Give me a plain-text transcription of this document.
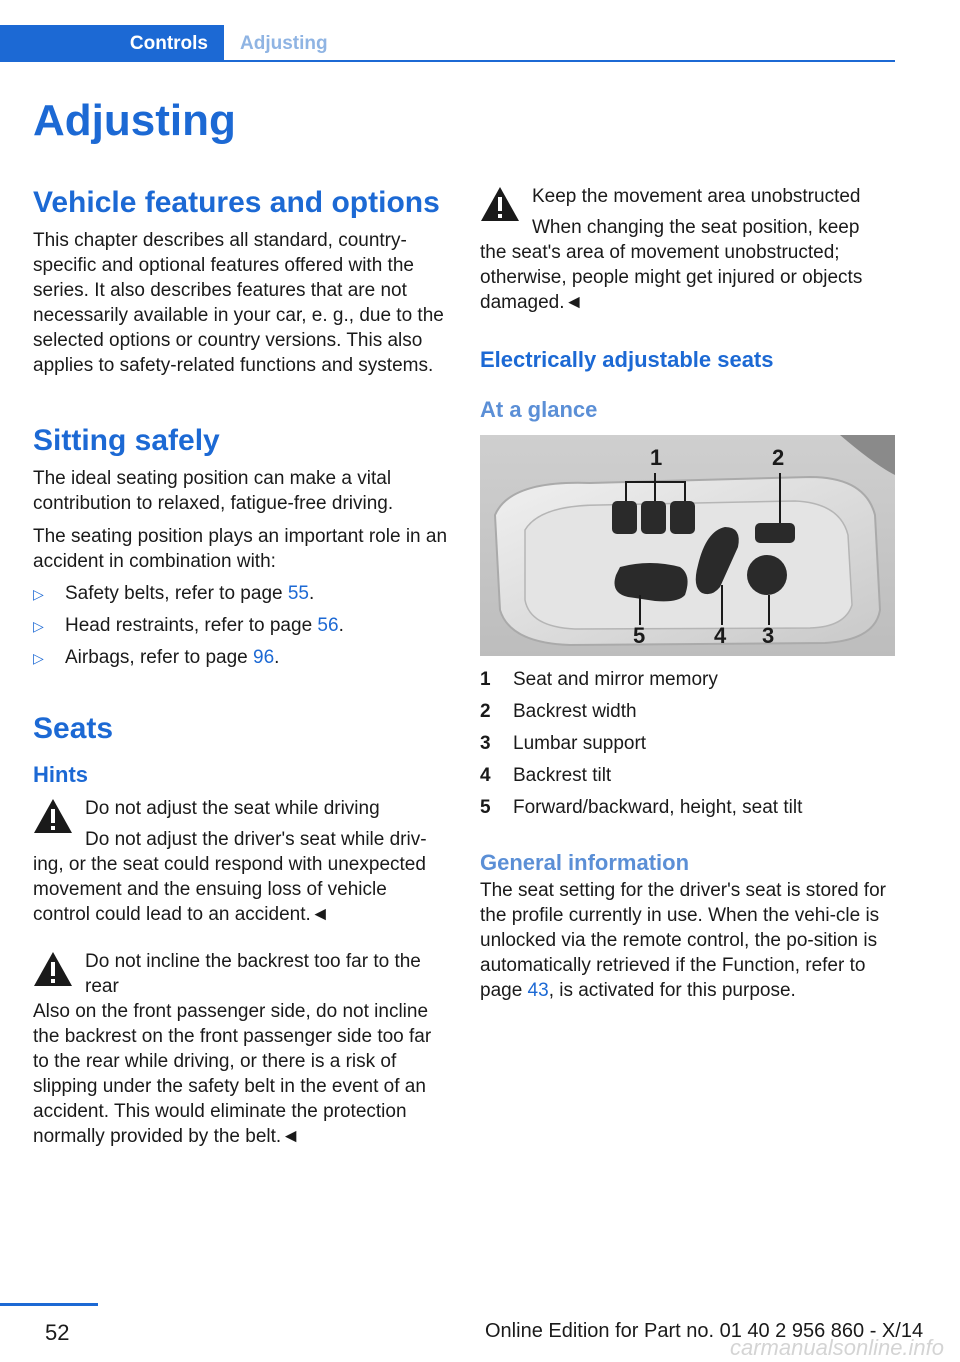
Controls	Adjusting
Adjusting
Vehicle features and options

This chapter describes all standard, country-specific and optional features offered with the series. It also describes features that are not necessarily available in your car, e. g., due to the selected options or country versions. This also applies to safety-related functions and systems.

Sitting safely

The ideal seating position can make a vital contribution to relaxed, fatigue-free driving.

The seating position plays an important role in an accident in combination with:

▷	Safety belts, refer to page 55.
▷	Head restraints, refer to page 56.
▷	Airbags, refer to page 96.
Seats
Hints
Do not adjust the seat while driving
Do not adjust the driver's seat while driv-
ing, or the seat could respond with unexpected movement and the ensuing loss of vehicle control could lead to an accident.◄
Do not incline the backrest too far to the rear
Also on the front passenger side, do not incline the backrest on the front passenger side too far to the rear while driving, or there is a risk of slipping under the safety belt in the event of an accident. This would eliminate the protection normally provided by the belt.◄
Keep the movement area unobstructed
When changing the seat position, keep
the seat's area of movement unobstructed; otherwise, people might get injured or objects damaged.◄
Electrically adjustable seats
At a glance
1	2
3
4
5
1	Seat and mirror memory
2	Backrest width
3	Lumbar support
4	Backrest tilt
5	Forward/backward, height, seat tilt
General information

The seat setting for the driver's seat is stored for the profile currently in use. When the vehi-cle is unlocked via the remote control, the po-sition is automatically retrieved if the Function, refer to page 43, is activated for this purpose.

52	Online Edition for Part no. 01 40 2 956 860 - X/14
carmanualsonline.info
